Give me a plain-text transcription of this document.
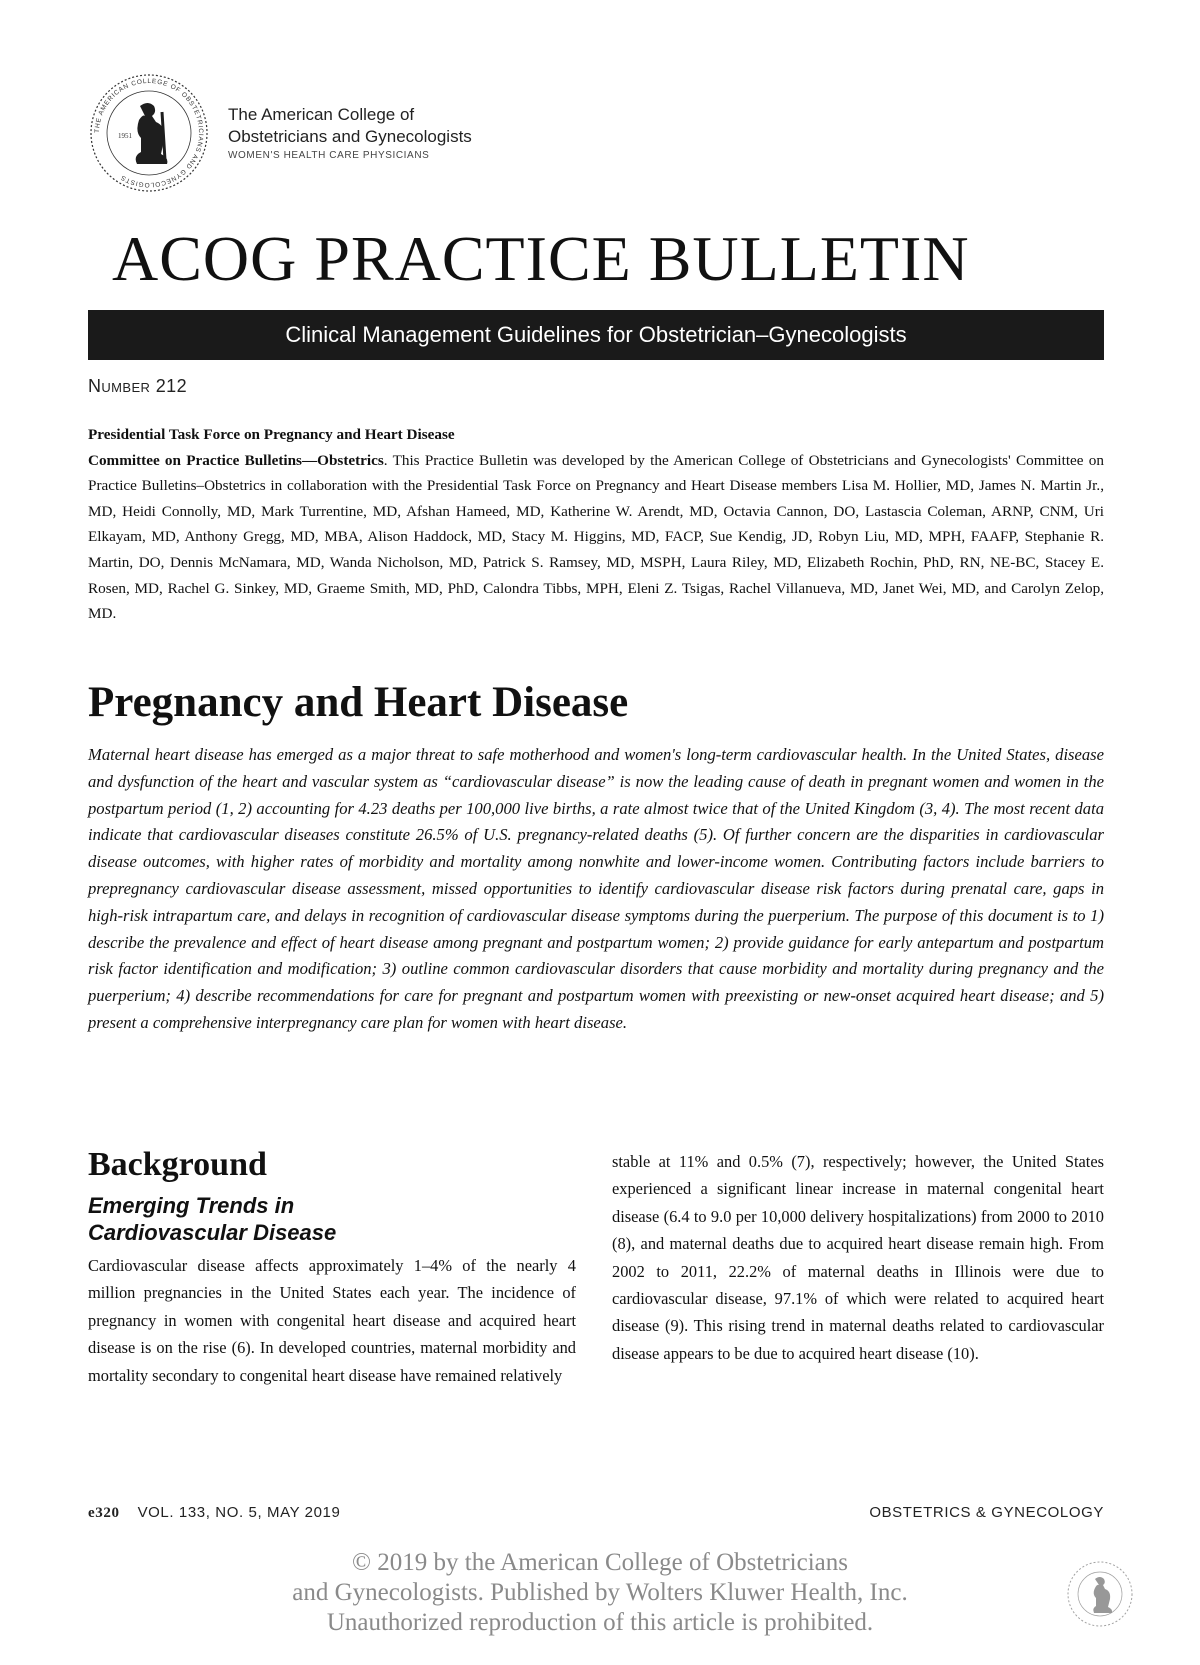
THE AMERICAN COLLEGE OF OBSTETRICIANS AND GYNECOLOGISTS
1951
The American College of
Obstetricians and Gynecologists
WOMEN'S HEALTH CARE PHYSICIANS
ACOG PRACTICE BULLETIN
Clinical Management Guidelines for Obstetrician–Gynecologists
Number 212
Presidential Task Force on Pregnancy and Heart Disease
Committee on Practice Bulletins—Obstetrics. This Practice Bulletin was developed by the American College of Obstetricians and Gynecologists' Committee on Practice Bulletins–Obstetrics in collaboration with the Presidential Task Force on Pregnancy and Heart Disease members Lisa M. Hollier, MD, James N. Martin Jr., MD, Heidi Connolly, MD, Mark Turrentine, MD, Afshan Hameed, MD, Katherine W. Arendt, MD, Octavia Cannon, DO, Lastascia Coleman, ARNP, CNM, Uri Elkayam, MD, Anthony Gregg, MD, MBA, Alison Haddock, MD, Stacy M. Higgins, MD, FACP, Sue Kendig, JD, Robyn Liu, MD, MPH, FAAFP, Stephanie R. Martin, DO, Dennis McNamara, MD, Wanda Nicholson, MD, Patrick S. Ramsey, MD, MSPH, Laura Riley, MD, Elizabeth Rochin, PhD, RN, NE-BC, Stacey E. Rosen, MD, Rachel G. Sinkey, MD, Graeme Smith, MD, PhD, Calondra Tibbs, MPH, Eleni Z. Tsigas, Rachel Villanueva, MD, Janet Wei, MD, and Carolyn Zelop, MD.
Pregnancy and Heart Disease
Maternal heart disease has emerged as a major threat to safe motherhood and women's long-term cardiovascular health. In the United States, disease and dysfunction of the heart and vascular system as “cardiovascular disease” is now the leading cause of death in pregnant women and women in the postpartum period (1, 2) accounting for 4.23 deaths per 100,000 live births, a rate almost twice that of the United Kingdom (3, 4). The most recent data indicate that cardiovascular diseases constitute 26.5% of U.S. pregnancy-related deaths (5). Of further concern are the disparities in cardiovascular disease outcomes, with higher rates of morbidity and mortality among nonwhite and lower-income women. Contributing factors include barriers to prepregnancy cardiovascular disease assessment, missed opportunities to identify cardiovascular disease risk factors during prenatal care, gaps in high-risk intrapartum care, and delays in recognition of cardiovascular disease symptoms during the puerperium. The purpose of this document is to 1) describe the prevalence and effect of heart disease among pregnant and postpartum women; 2) provide guidance for early antepartum and postpartum risk factor identification and modification; 3) outline common cardiovascular disorders that cause morbidity and mortality during pregnancy and the puerperium; 4) describe recommendations for care for pregnant and postpartum women with preexisting or new-onset acquired heart disease; and 5) present a comprehensive interpregnancy care plan for women with heart disease.
Background
Emerging Trends in
Cardiovascular Disease

Cardiovascular disease affects approximately 1–4% of the nearly 4 million pregnancies in the United States each year. The incidence of pregnancy in women with congenital heart disease and acquired heart disease is on the rise (6). In developed countries, maternal morbidity and mortality secondary to congenital heart disease have remained relatively

stable at 11% and 0.5% (7), respectively; however, the United States experienced a significant linear increase in maternal congenital heart disease (6.4 to 9.0 per 10,000 delivery hospitalizations) from 2000 to 2010 (8), and maternal deaths due to acquired heart disease remain high. From 2002 to 2011, 22.2% of maternal deaths in Illinois were due to cardiovascular disease, 97.1% of which were related to acquired heart disease (9). This rising trend in maternal deaths related to cardiovascular disease appears to be due to acquired heart disease (10).

e320 VOL. 133, NO. 5, MAY 2019	OBSTETRICS & GYNECOLOGY
© 2019 by the American College of Obstetricians
and Gynecologists. Published by Wolters Kluwer Health, Inc.
Unauthorized reproduction of this article is prohibited.
